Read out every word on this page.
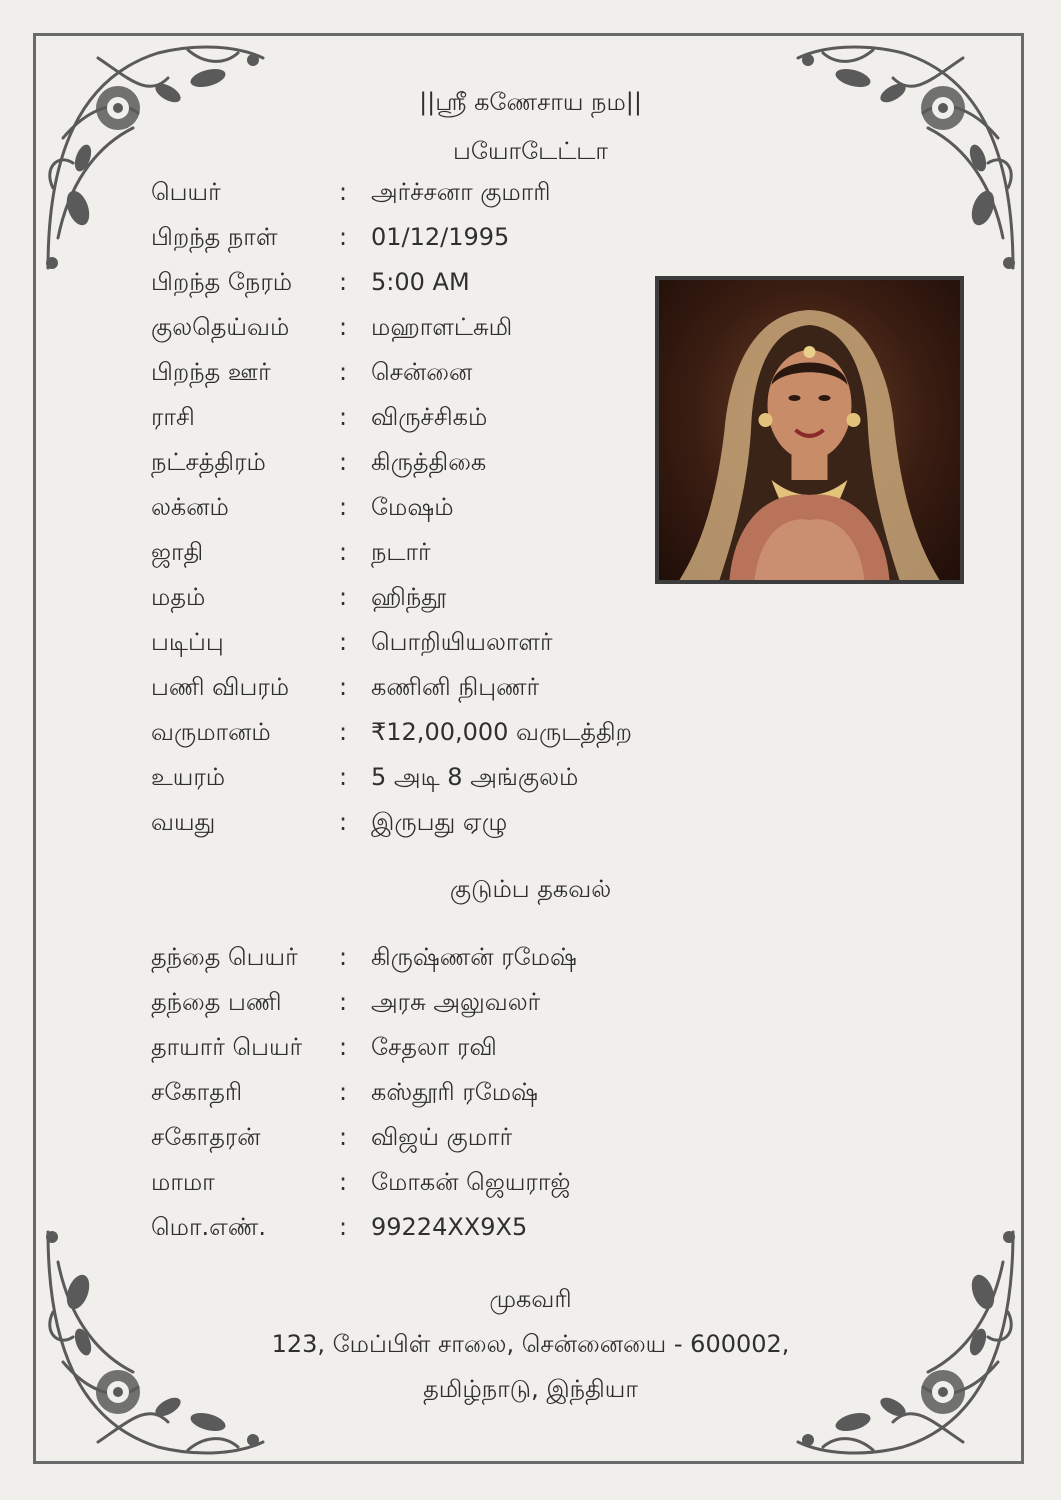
||ஸ்ரீ கணேசாய நம||
பயோடேட்டா
பெயர்	: அர்ச்சனா குமாரி
பிறந்த நாள்	: 01/12/1995
பிறந்த நேரம்	: 5:00 AM
குலதெய்வம்	: மஹாளட்சுமி
பிறந்த ஊர்	: சென்னை
ராசி	: விருச்சிகம்
நட்சத்திரம்	: கிருத்திகை
லக்னம்	: மேஷம்
ஜாதி	: நடார்
மதம்	: ஹிந்தூ
படிப்பு	: பொறியியலாளர்
பணி விபரம்	: கணினி நிபுணர்
வருமானம்	: ₹12,00,000 வருடத்திற
உயரம்	: 5 அடி 8 அங்குலம்
வயது	: இருபது ஏழு
குடும்ப தகவல்
தந்தை பெயர்	: கிருஷ்ணன் ரமேஷ்
தந்தை பணி	: அரசு அலுவலர்
தாயார் பெயர்	: சேதலா ரவி
சகோதரி	: கஸ்தூரி ரமேஷ்
சகோதரன்	: விஜய் குமார்
மாமா	: மோகன் ஜெயராஜ்
மொ.எண்.	: 99224XX9X5
முகவரி
123, மேப்பிள் சாலை, சென்னையை - 600002,
தமிழ்நாடு, இந்தியா
